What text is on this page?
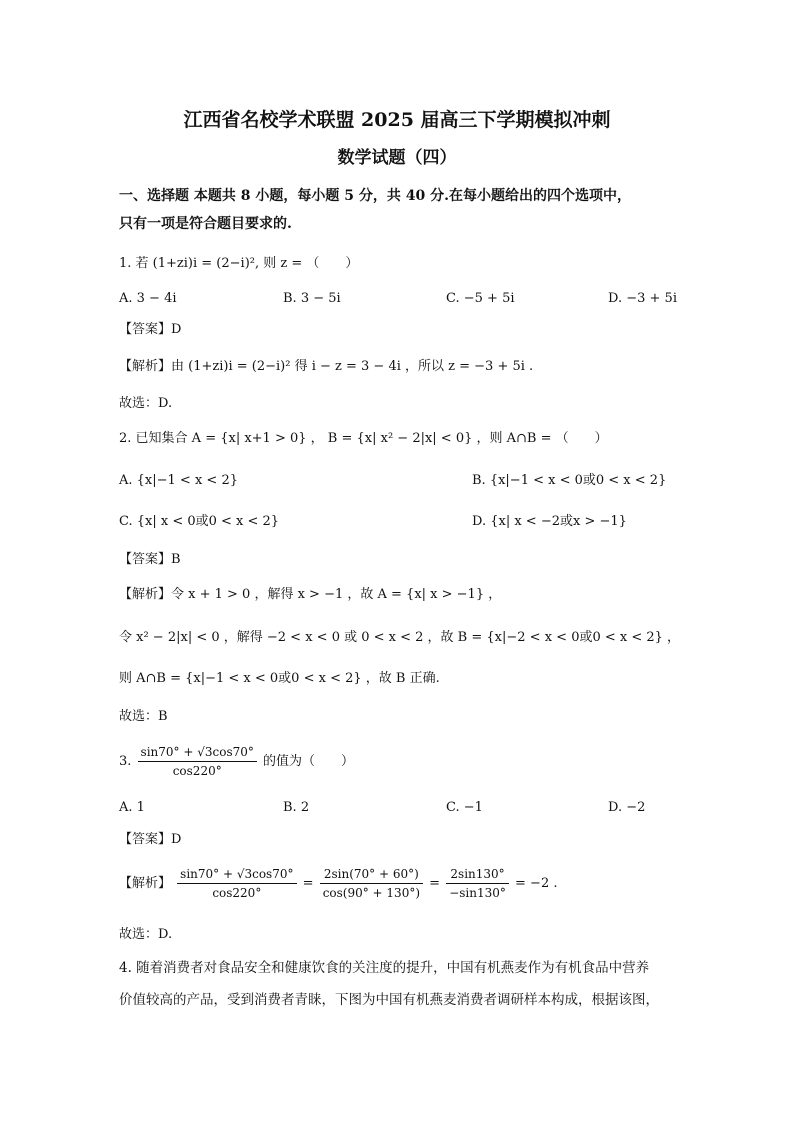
江西省名校学术联盟 2025 届高三下学期模拟冲刺
数学试题（四）
一、选择题 本题共 8 小题，每小题 5 分，共 40 分.在每小题给出的四个选项中，
只有一项是符合题目要求的.
1. 若 (1+zi)i = (2−i)², 则 z = （　　）
A. 3 − 4i	B. 3 − 5i	C. −5 + 5i	D. −3 + 5i
【答案】D
【解析】由 (1+zi)i = (2−i)² 得 i − z = 3 − 4i ，所以 z = −3 + 5i .
故选：D.
2. 已知集合 A = {x| x+1 > 0} ， B = {x| x² − 2|x| < 0} ，则 A∩B = （　　）
A. {x|−1 < x < 2}	B. {x|−1 < x < 0或0 < x < 2}
C. {x| x < 0或0 < x < 2}	D. {x| x < −2或x > −1}
【答案】B
【解析】令 x + 1 > 0 ，解得 x > −1 ，故 A = {x| x > −1} ，
令 x² − 2|x| < 0 ，解得 −2 < x < 0 或 0 < x < 2 ，故 B = {x|−2 < x < 0或0 < x < 2} ，
则 A∩B = {x|−1 < x < 0或0 < x < 2} ，故 B 正确.
故选：B
3. $\frac{\sin 70^\circ + √3\cos 70^\circ}{\cos 220^\circ}$ 的值为（　　）
A. 1	B. 2	C. −1	D. −2
【答案】D
【解析】 $\frac{\sin 70^\circ + √3\cos 70^\circ}{\cos 220^\circ} = \frac{2\sin(70^\circ + 60^\circ)}{\cos(90^\circ + 130^\circ)} = \frac{2\sin 130^\circ}{-\sin 130^\circ} = -2$ .
故选：D.
4. 随着消费者对食品安全和健康饮食的关注度的提升，中国有机燕麦作为有机食品中营养
价值较高的产品，受到消费者青睐，下图为中国有机燕麦消费者调研样本构成，根据该图，
